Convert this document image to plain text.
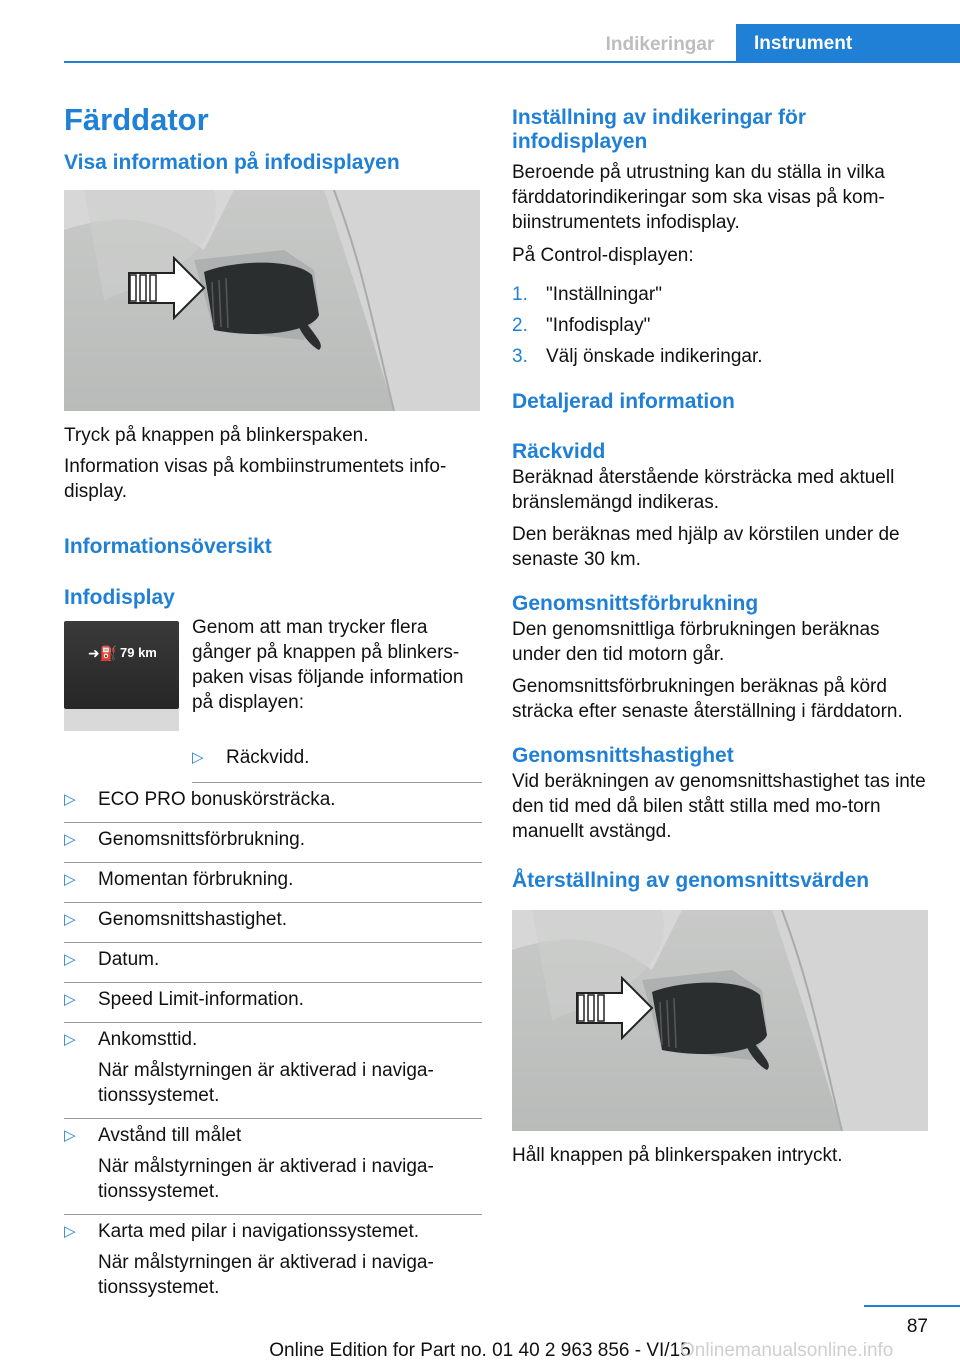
Indikeringar	Instrument
Färddator
Visa information på infodisplayen

Tryck på knappen på blinkerspaken.

Information visas på kombiinstrumentets info-display.

Informationsöversikt
Infodisplay
➜⛽ 79 km

Genom att man trycker flera gånger på knappen på blinkers-paken visas följande information på displayen:

▷ Räckvidd.
▷ ECO PRO bonuskörsträcka.
▷ Genomsnittsförbrukning.
▷ Momentan förbrukning.
▷ Genomsnittshastighet.
▷ Datum.
▷ Speed Limit-information.
▷ Ankomsttid.
När målstyrningen är aktiverad i naviga-tionssystemet.
▷ Avstånd till målet
När målstyrningen är aktiverad i naviga-tionssystemet.
▷ Karta med pilar i navigationssystemet.
När målstyrningen är aktiverad i naviga-tionssystemet.
Inställning av indikeringar för infodisplayen

Beroende på utrustning kan du ställa in vilka färddatorindikeringar som ska visas på kom-biinstrumentets infodisplay.

På Control-displayen:

1. "Inställningar"
2. "Infodisplay"
3. Välj önskade indikeringar.
Detaljerad information
Räckvidd

Beräknad återstående körsträcka med aktuell bränslemängd indikeras.

Den beräknas med hjälp av körstilen under de senaste 30 km.

Genomsnittsförbrukning

Den genomsnittliga förbrukningen beräknas under den tid motorn går.

Genomsnittsförbrukningen beräknas på körd sträcka efter senaste återställning i färddatorn.

Genomsnittshastighet

Vid beräkningen av genomsnittshastighet tas inte den tid med då bilen stått stilla med mo-torn manuellt avstängd.

Återställning av genomsnittsvärden

Håll knappen på blinkerspaken intryckt.

87
Online Edition for Part no. 01 40 2 963 856 - VI/15
Onlinemanualsonline.info
